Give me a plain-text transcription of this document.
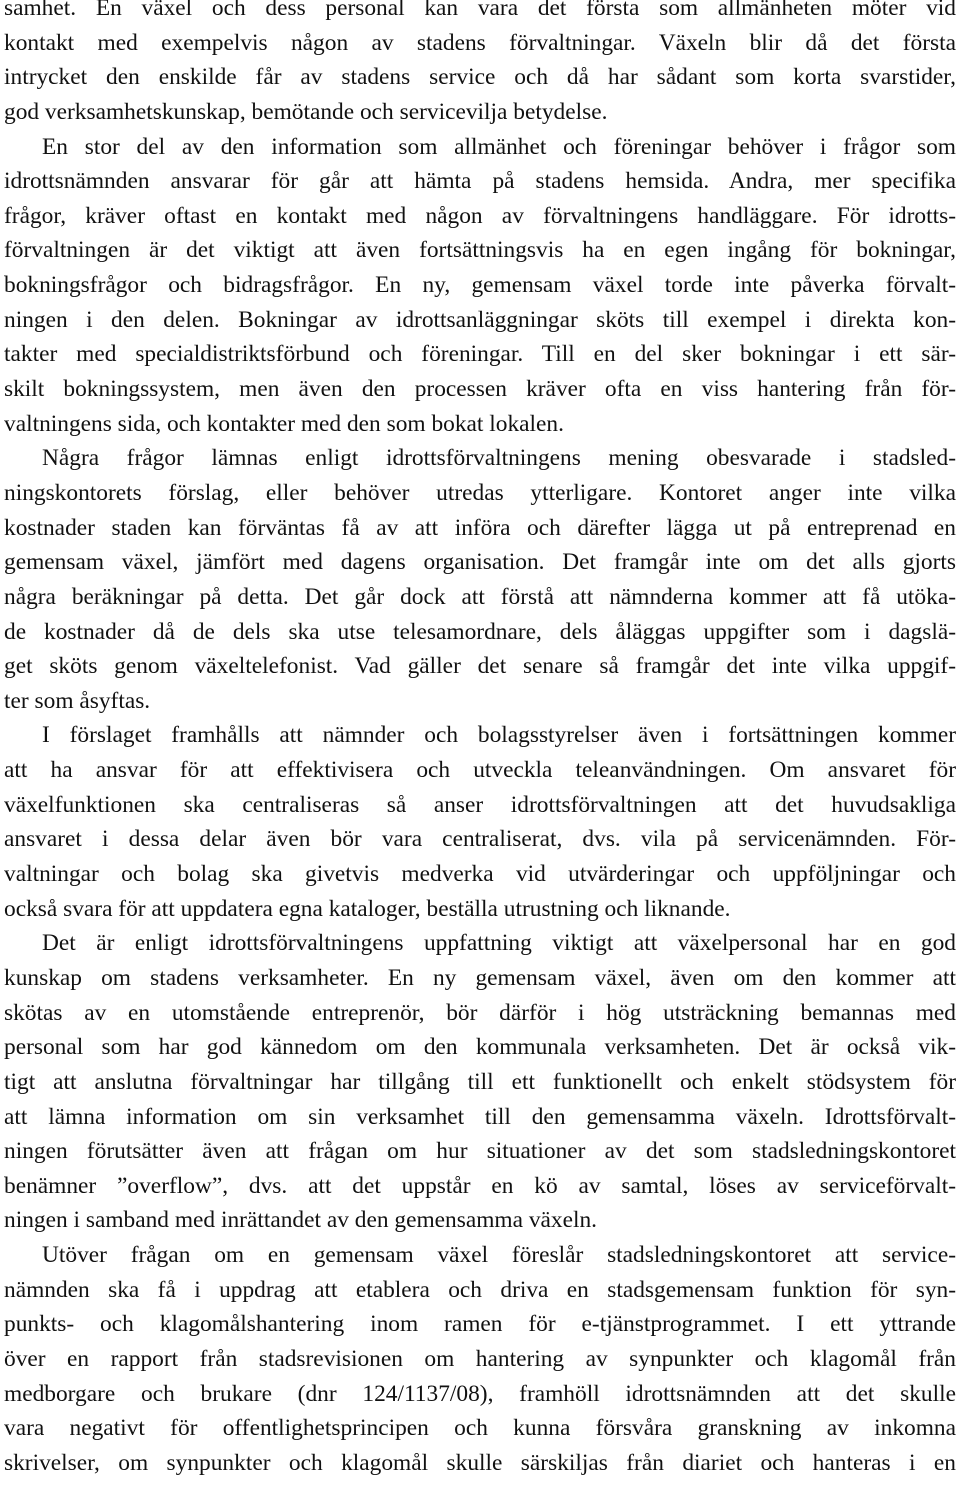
samhet. En växel och dess personal kan vara det första som allmänheten möter vid
kontakt med exempelvis någon av stadens förvaltningar. Växeln blir då det första
intrycket den enskilde får av stadens service och då har sådant som korta svarstider,
god verksamhetskunskap, bemötande och servicevilja betydelse.
En stor del av den information som allmänhet och föreningar behöver i frågor som
idrottsnämnden ansvarar för går att hämta på stadens hemsida. Andra, mer specifika
frågor, kräver oftast en kontakt med någon av förvaltningens handläggare. För idrotts-
förvaltningen är det viktigt att även fortsättningsvis ha en egen ingång för bokningar,
bokningsfrågor och bidragsfrågor. En ny, gemensam växel torde inte påverka förvalt-
ningen i den delen. Bokningar av idrottsanläggningar sköts till exempel i direkta kon-
takter med specialdistriktsförbund och föreningar. Till en del sker bokningar i ett sär-
skilt bokningssystem, men även den processen kräver ofta en viss hantering från för-
valtningens sida, och kontakter med den som bokat lokalen.
Några frågor lämnas enligt idrottsförvaltningens mening obesvarade i stadsled-
ningskontorets förslag, eller behöver utredas ytterligare. Kontoret anger inte vilka
kostnader staden kan förväntas få av att införa och därefter lägga ut på entreprenad en
gemensam växel, jämfört med dagens organisation. Det framgår inte om det alls gjorts
några beräkningar på detta. Det går dock att förstå att nämnderna kommer att få utöka-
de kostnader då de dels ska utse telesamordnare, dels åläggas uppgifter som i dagslä-
get sköts genom växeltelefonist. Vad gäller det senare så framgår det inte vilka uppgif-
ter som åsyftas.
I förslaget framhålls att nämnder och bolagsstyrelser även i fortsättningen kommer
att ha ansvar för att effektivisera och utveckla teleanvändningen. Om ansvaret för
växelfunktionen ska centraliseras så anser idrottsförvaltningen att det huvudsakliga
ansvaret i dessa delar även bör vara centraliserat, dvs. vila på servicenämnden. För-
valtningar och bolag ska givetvis medverka vid utvärderingar och uppföljningar och
också svara för att uppdatera egna kataloger, beställa utrustning och liknande.
Det är enligt idrottsförvaltningens uppfattning viktigt att växelpersonal har en god
kunskap om stadens verksamheter. En ny gemensam växel, även om den kommer att
skötas av en utomstående entreprenör, bör därför i hög utsträckning bemannas med
personal som har god kännedom om den kommunala verksamheten. Det är också vik-
tigt att anslutna förvaltningar har tillgång till ett funktionellt och enkelt stödsystem för
att lämna information om sin verksamhet till den gemensamma växeln. Idrottsförvalt-
ningen förutsätter även att frågan om hur situationer av det som stadsledningskontoret
benämner ”overflow”, dvs. att det uppstår en kö av samtal, löses av serviceförvalt-
ningen i samband med inrättandet av den gemensamma växeln.
Utöver frågan om en gemensam växel föreslår stadsledningskontoret att service-
nämnden ska få i uppdrag att etablera och driva en stadsgemensam funktion för syn-
punkts- och klagomålshantering inom ramen för e-tjänstprogrammet. I ett yttrande
över en rapport från stadsrevisionen om hantering av synpunkter och klagomål från
medborgare och brukare (dnr 124/1137/08), framhöll idrottsnämnden att det skulle
vara negativt för offentlighetsprincipen och kunna försvåra granskning av inkomna
skrivelser, om synpunkter och klagomål skulle särskiljas från diariet och hanteras i en
